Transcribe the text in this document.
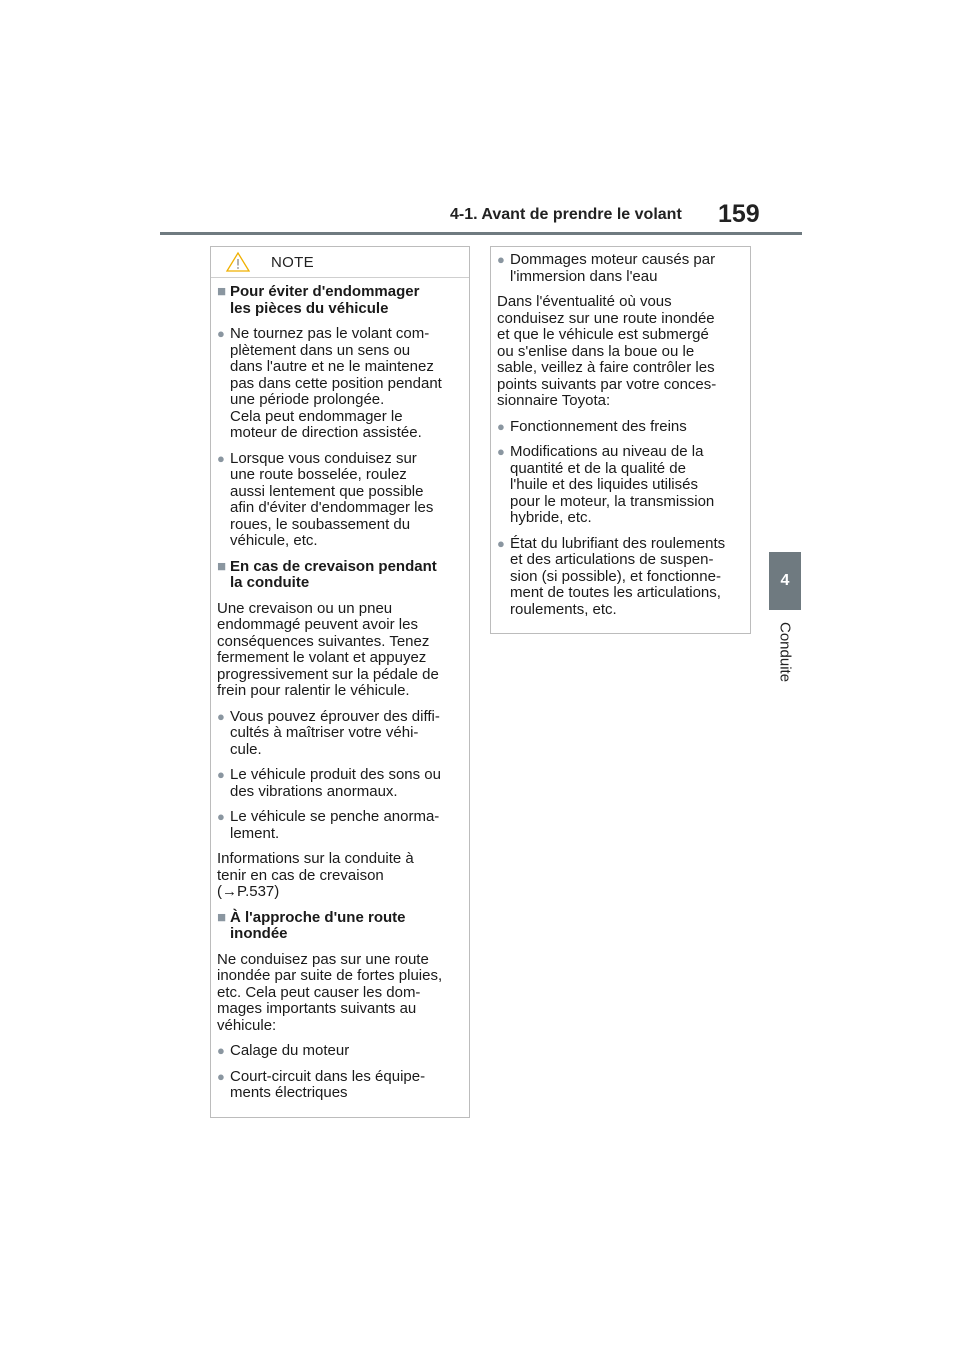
4-1. Avant de prendre le volant 159
4
Conduite
NOTE
■ Pour éviter d'endommager
les pièces du véhicule
● Ne tournez pas le volant com-
plètement dans un sens ou
dans l'autre et ne le maintenez
pas dans cette position pendant
une période prolongée.
Cela peut endommager le
moteur de direction assistée.
● Lorsque vous conduisez sur
une route bosselée, roulez
aussi lentement que possible
afin d'éviter d'endommager les
roues, le soubassement du
véhicule, etc.
■ En cas de crevaison pendant
la conduite
Une crevaison ou un pneu
endommagé peuvent avoir les
conséquences suivantes. Tenez
fermement le volant et appuyez
progressivement sur la pédale de
frein pour ralentir le véhicule.
● Vous pouvez éprouver des diffi-
cultés à maîtriser votre véhi-
cule.
● Le véhicule produit des sons ou
des vibrations anormaux.
● Le véhicule se penche anorma-
lement.
Informations sur la conduite à
tenir en cas de crevaison
(→P.537)
■ À l'approche d'une route
inondée
Ne conduisez pas sur une route
inondée par suite de fortes pluies,
etc. Cela peut causer les dom-
mages importants suivants au
véhicule:
● Calage du moteur
● Court-circuit dans les équipe-
ments électriques
● Dommages moteur causés par
l'immersion dans l'eau
Dans l'éventualité où vous
conduisez sur une route inondée
et que le véhicule est submergé
ou s'enlise dans la boue ou le
sable, veillez à faire contrôler les
points suivants par votre conces-
sionnaire Toyota:
● Fonctionnement des freins
● Modifications au niveau de la
quantité et de la qualité de
l'huile et des liquides utilisés
pour le moteur, la transmission
hybride, etc.
● État du lubrifiant des roulements
et des articulations de suspen-
sion (si possible), et fonctionne-
ment de toutes les articulations,
roulements, etc.
